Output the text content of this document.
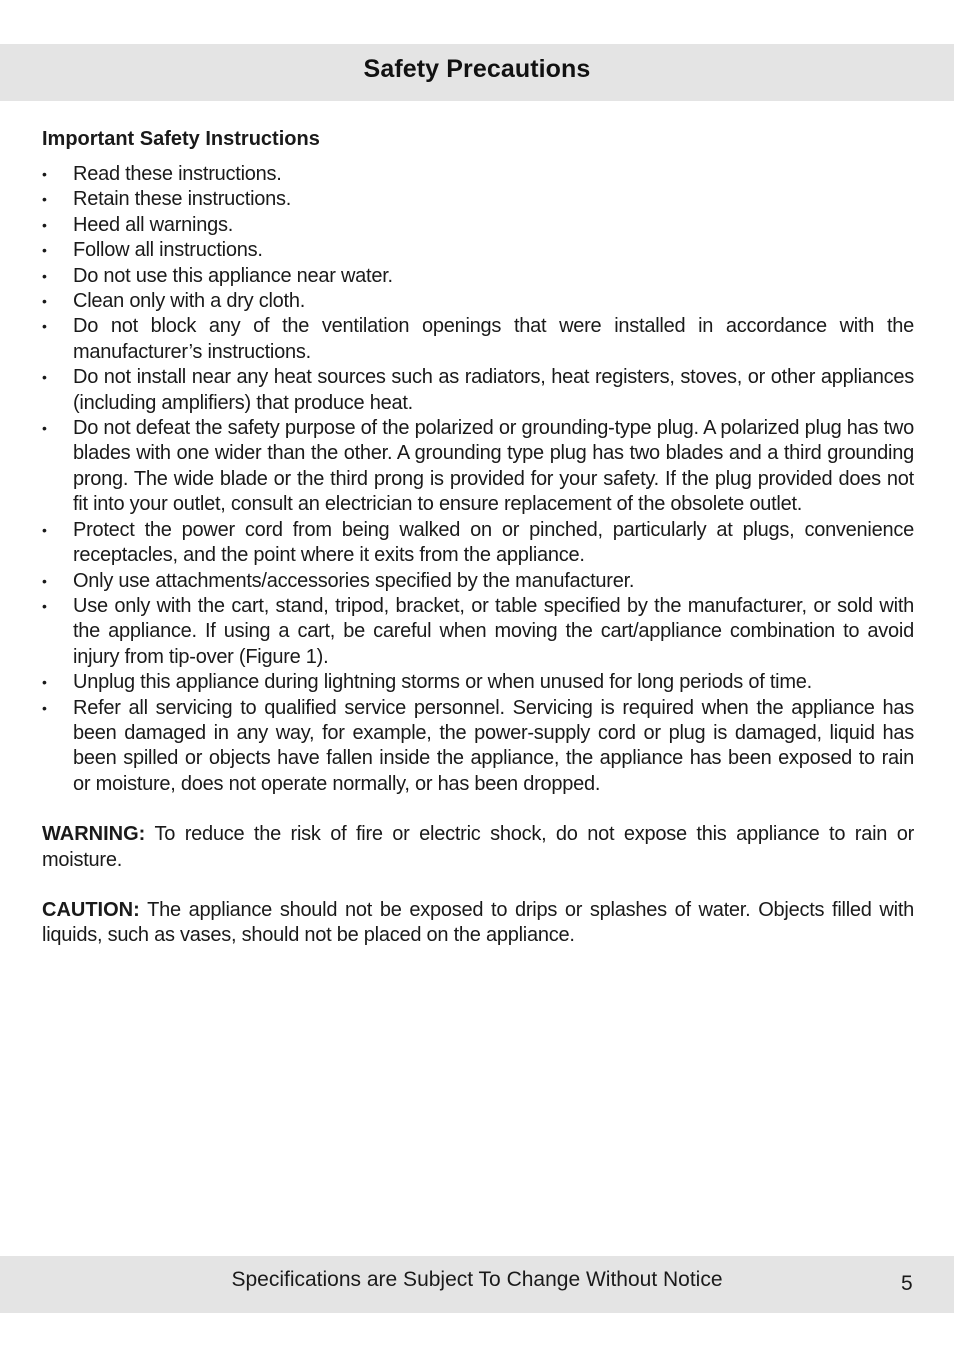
Safety Precautions
Important Safety Instructions
• Read these instructions.
• Retain these instructions.
• Heed all warnings.
• Follow all instructions.
• Do not use this appliance near water.
• Clean only with a dry cloth.
• Do not block any of the ventilation openings that were installed in accordance with the manufacturer’s instructions.
• Do not install near any heat sources such as radiators, heat registers, stoves, or other appliances (including amplifiers) that produce heat.
• Do not defeat the safety purpose of the polarized or grounding-type plug. A polarized plug has two blades with one wider than the other. A grounding type plug has two blades and a third grounding prong. The wide blade or the third prong is provided for your safety. If the plug provided does not fit into your outlet, consult an electrician to ensure replacement of the obsolete outlet.
• Protect the power cord from being walked on or pinched, particularly at plugs, convenience receptacles, and the point where it exits from the appliance.
• Only use attachments/accessories specified by the manufacturer.
• Use only with the cart, stand, tripod, bracket, or table specified by the manufacturer, or sold with the appliance. If using a cart, be careful when moving the cart/appliance combination to avoid injury from tip-over (Figure 1).
• Unplug this appliance during lightning storms or when unused for long periods of time.
• Refer all servicing to qualified service personnel. Servicing is required when the appliance has been damaged in any way, for example, the power-supply cord or plug is damaged, liquid has been spilled or objects have fallen inside the appliance, the appliance has been exposed to rain or moisture, does not operate normally, or has been dropped.

WARNING: To reduce the risk of fire or electric shock, do not expose this appliance to rain or moisture.

CAUTION: The appliance should not be exposed to drips or splashes of water. Objects filled with liquids, such as vases, should not be placed on the appliance.

Specifications are Subject To Change Without Notice	5
